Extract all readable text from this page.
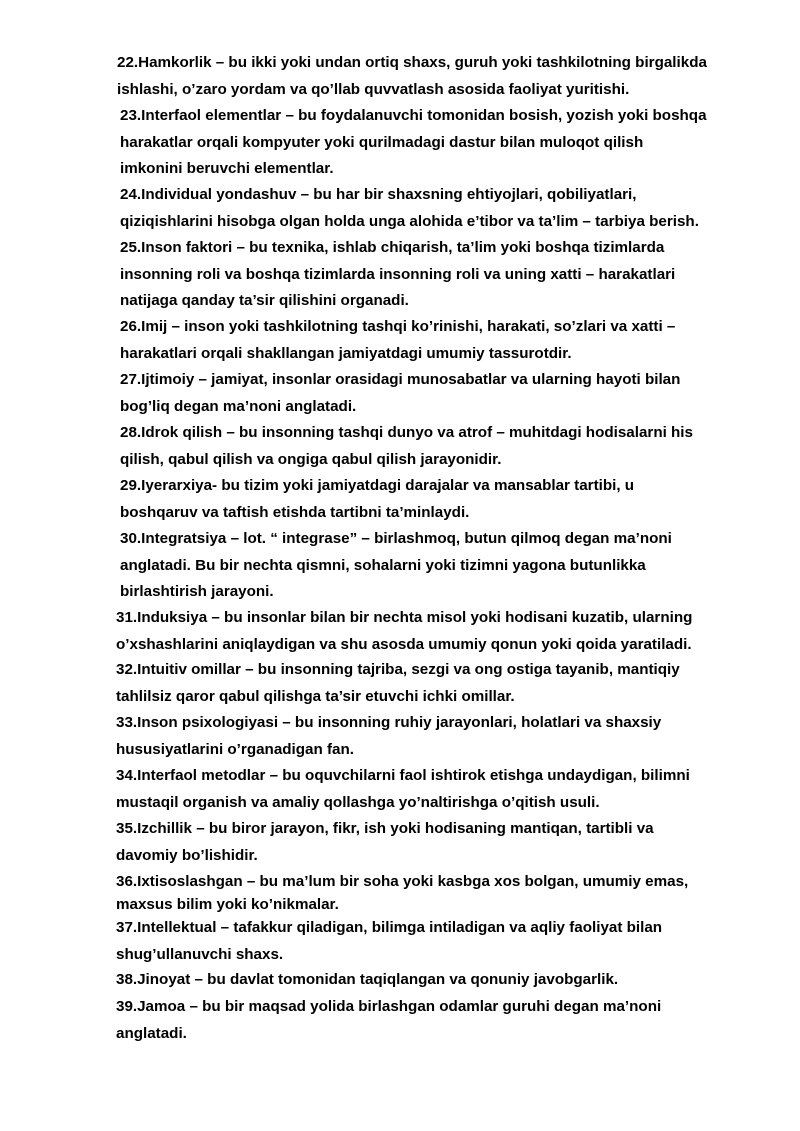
22.Hamkorlik – bu ikki yoki undan ortiq shaxs, guruh yoki tashkilotning birgalikda
ishlashi, o’zaro yordam va qo’llab quvvatlash asosida faoliyat yuritishi.

23.Interfaol elementlar – bu foydalanuvchi tomonidan bosish, yozish yoki boshqa
harakatlar orqali kompyuter yoki qurilmadagi dastur bilan muloqot qilish
imkonini beruvchi elementlar.

24.Individual yondashuv – bu har bir shaxsning ehtiyojlari, qobiliyatlari,
qiziqishlarini hisobga olgan holda unga alohida e’tibor va ta’lim – tarbiya berish.

25.Inson faktori – bu texnika, ishlab chiqarish, ta’lim yoki boshqa tizimlarda
insonning roli va boshqa tizimlarda insonning roli va uning xatti – harakatlari
natijaga qanday ta’sir qilishini organadi.

26.Imij – inson yoki tashkilotning tashqi ko’rinishi, harakati, so’zlari va xatti –
harakatlari orqali shakllangan jamiyatdagi umumiy tassurotdir.

27.Ijtimoiy – jamiyat, insonlar orasidagi munosabatlar va ularning hayoti bilan
bog’liq degan ma’noni anglatadi.

28.Idrok qilish – bu insonning tashqi dunyo va atrof – muhitdagi hodisalarni his
qilish, qabul qilish va ongiga qabul qilish jarayonidir.

29.Iyerarxiya- bu tizim yoki jamiyatdagi darajalar va mansablar tartibi, u
boshqaruv va taftish etishda tartibni ta’minlaydi.

30.Integratsiya – lot. “ integrase” – birlashmoq, butun qilmoq degan ma’noni
anglatadi. Bu bir nechta qismni, sohalarni yoki tizimni yagona butunlikka
birlashtirish jarayoni.

31.Induksiya – bu insonlar bilan bir nechta misol yoki hodisani kuzatib, ularning
o’xshashlarini aniqlaydigan va shu asosda umumiy qonun yoki qoida yaratiladi.

32.Intuitiv omillar – bu insonning tajriba, sezgi va ong ostiga tayanib, mantiqiy
tahlilsiz qaror qabul qilishga ta’sir etuvchi ichki omillar.

33.Inson psixologiyasi – bu insonning ruhiy jarayonlari, holatlari va shaxsiy
hususiyatlarini o’rganadigan fan.

34.Interfaol metodlar – bu oquvchilarni faol ishtirok etishga undaydigan, bilimni
mustaqil organish va amaliy qollashga yo’naltirishga o’qitish usuli.

35.Izchillik – bu biror jarayon, fikr, ish yoki hodisaning mantiqan, tartibli va
davomiy bo’lishidir.

36.Ixtisoslashgan – bu ma’lum bir soha yoki kasbga xos bolgan, umumiy emas,
maxsus bilim yoki ko’nikmalar.

37.Intellektual – tafakkur qiladigan, bilimga intiladigan va aqliy faoliyat bilan
shug’ullanuvchi shaxs.

38.Jinoyat – bu davlat tomonidan taqiqlangan va qonuniy javobgarlik.

39.Jamoa – bu bir maqsad yolida birlashgan odamlar guruhi degan ma’noni
anglatadi.
